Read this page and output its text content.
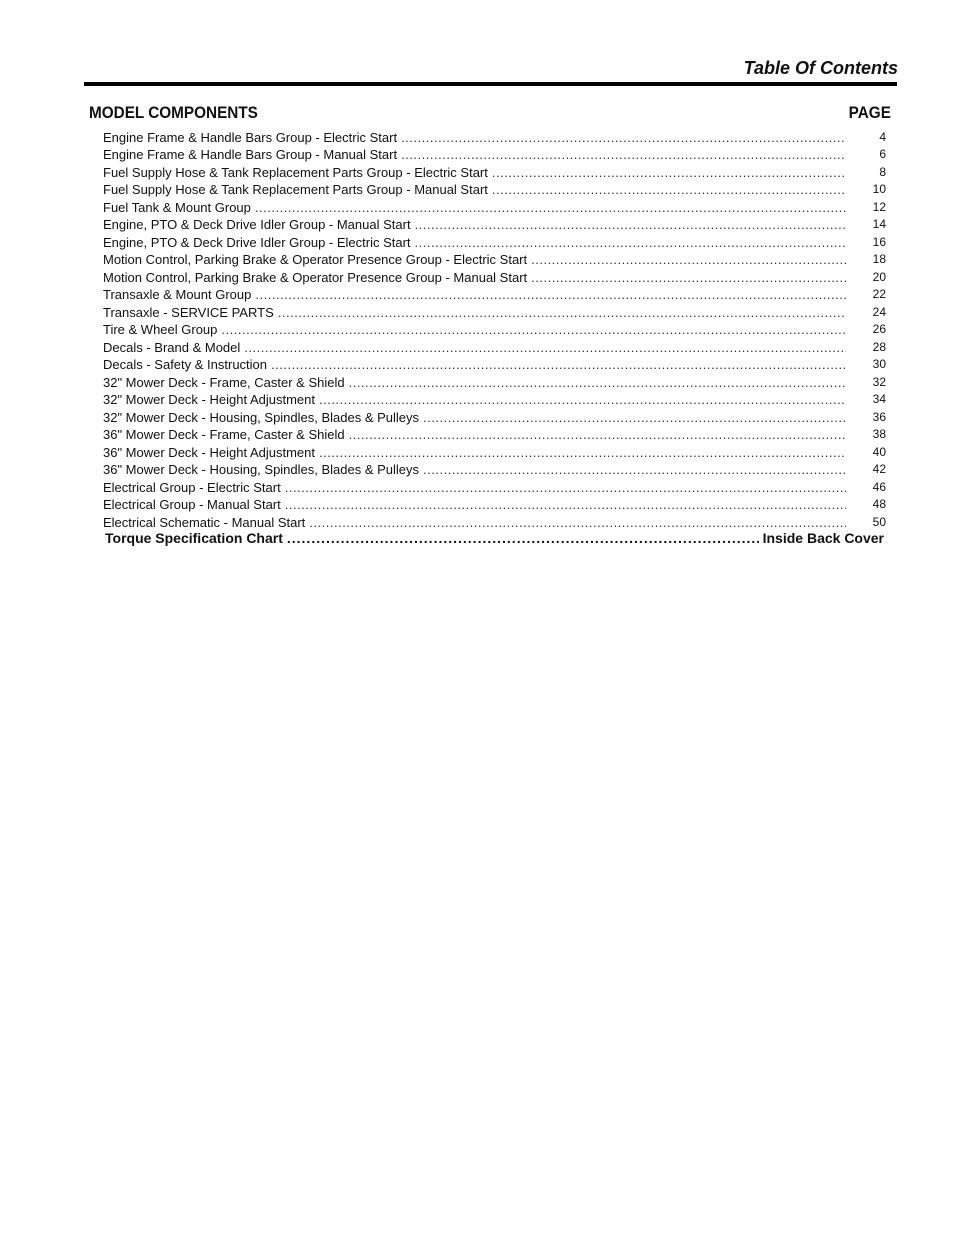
Table Of Contents
MODEL COMPONENTS	PAGE
Engine Frame & Handle Bars Group - Electric Start .....	4
Engine Frame & Handle Bars Group - Manual Start .....	6
Fuel Supply Hose & Tank Replacement Parts Group - Electric Start .....	8
Fuel Supply Hose & Tank Replacement Parts Group - Manual Start .....	10
Fuel Tank & Mount Group .....	12
Engine, PTO & Deck Drive Idler Group - Manual Start .....	14
Engine, PTO & Deck Drive Idler Group - Electric Start .....	16
Motion Control, Parking Brake & Operator Presence Group - Electric Start .....	18
Motion Control, Parking Brake & Operator Presence Group - Manual Start .....	20
Transaxle & Mount Group .....	22
Transaxle - SERVICE PARTS .....	24
Tire & Wheel Group .....	26
Decals - Brand & Model .....	28
Decals - Safety & Instruction .....	30
32" Mower Deck - Frame, Caster & Shield .....	32
32" Mower Deck - Height Adjustment .....	34
32" Mower Deck - Housing, Spindles, Blades & Pulleys .....	36
36" Mower Deck - Frame, Caster & Shield .....	38
36" Mower Deck - Height Adjustment .....	40
36" Mower Deck - Housing, Spindles, Blades & Pulleys .....	42
Electrical Group - Electric Start .....	46
Electrical Group - Manual Start .....	48
Electrical Schematic - Manual Start .....	50
Torque Specification Chart .....	Inside Back Cover
